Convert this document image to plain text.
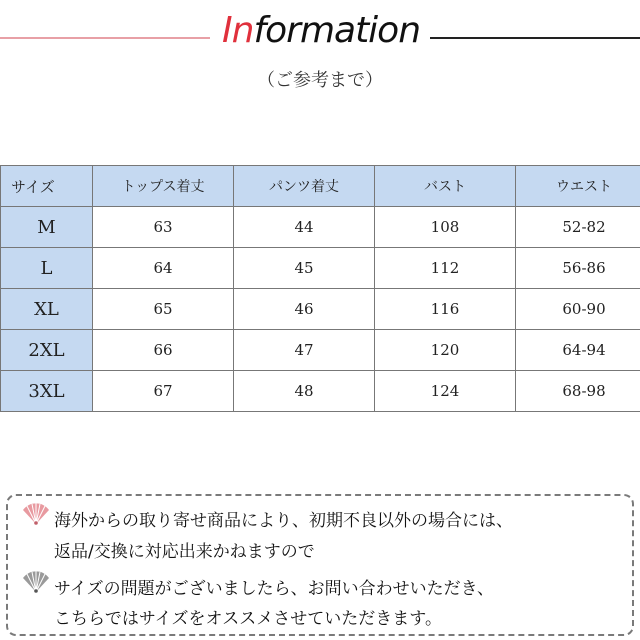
Information
（ご参考まで）
サイズ	トップス着丈	パンツ着丈	バスト	ウエスト
M	63	44	108	52-82
L	64	45	112	56-86
XL	65	46	116	60-90
2XL	66	47	120	64-94
3XL	67	48	124	68-98
海外からの取り寄せ商品により、初期不良以外の場合には、
返品/交換に対応出来かねますので
サイズの問題がございましたら、お問い合わせいただき、
こちらではサイズをオススメさせていただきます。
